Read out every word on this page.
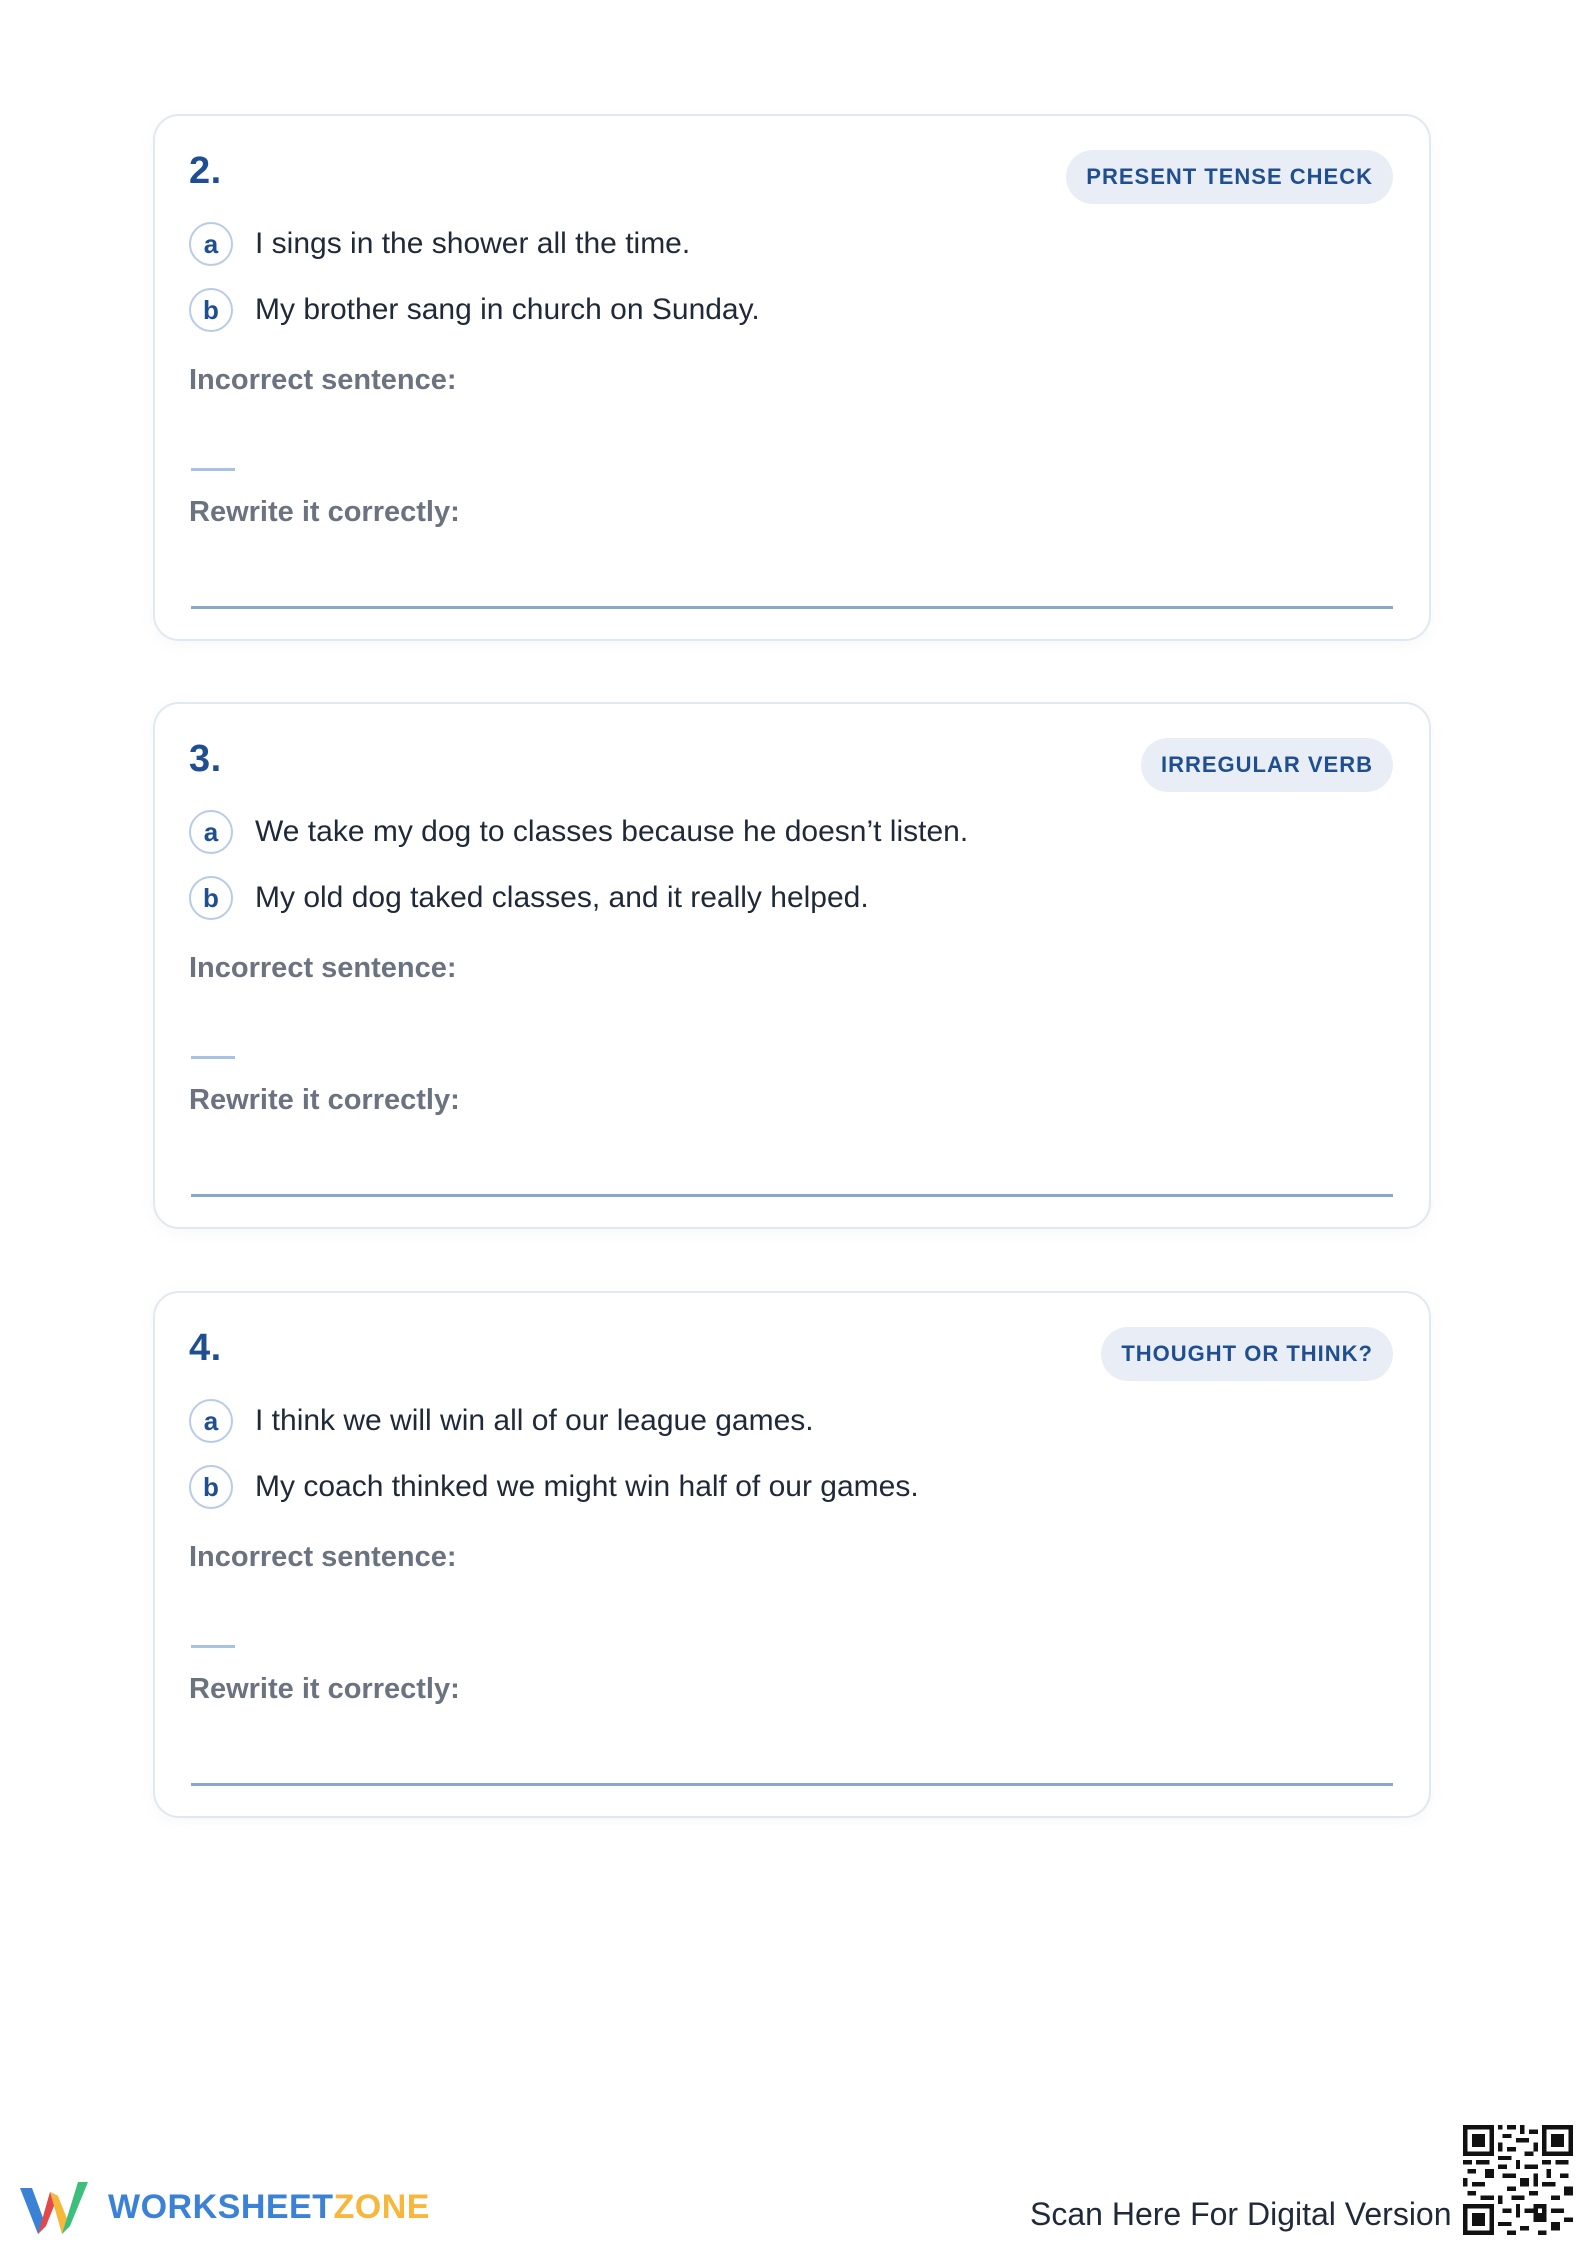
2.	PRESENT TENSE CHECK
a	I sings in the shower all the time.
b	My brother sang in church on Sunday.
Incorrect sentence:
Rewrite it correctly:
3.	IRREGULAR VERB
a	We take my dog to classes because he doesn’t listen.
b	My old dog taked classes, and it really helped.
Incorrect sentence:
Rewrite it correctly:
4.	THOUGHT OR THINK?
a	I think we will win all of our league games.
b	My coach thinked we might win half of our games.
Incorrect sentence:
Rewrite it correctly:
WORKSHEETZONE	Scan Here For Digital Version
